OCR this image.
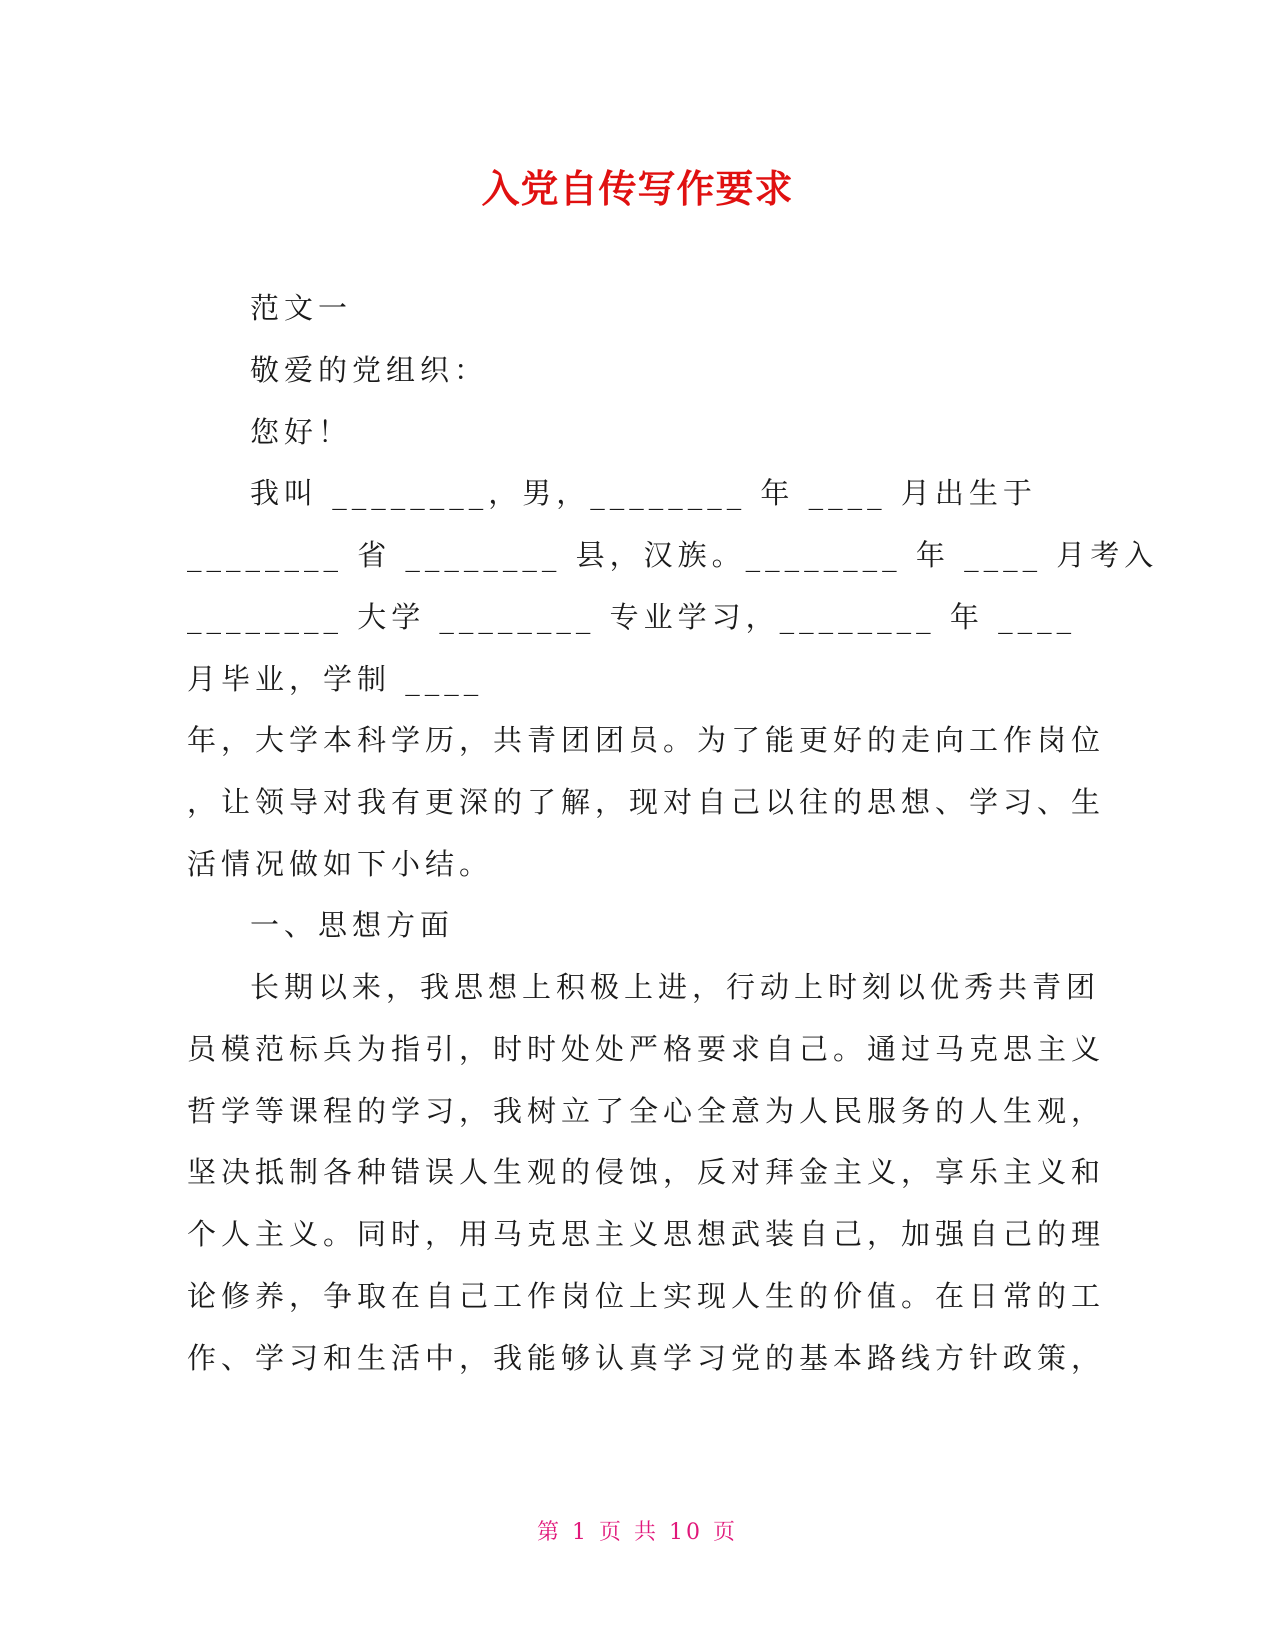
入党自传写作要求
范文一
敬爱的党组织：
您好！
我叫 ________，男，________ 年 ____ 月出生于
________ 省 ________ 县，汉族。________ 年 ____ 月考入
________ 大学 ________ 专业学习，________ 年 ____
月毕业，学制 ____
年，大学本科学历，共青团团员。为了能更好的走向工作岗位
，让领导对我有更深的了解，现对自己以往的思想、学习、生
活情况做如下小结。
一、思想方面
长期以来，我思想上积极上进，行动上时刻以优秀共青团
员模范标兵为指引，时时处处严格要求自己。通过马克思主义
哲学等课程的学习，我树立了全心全意为人民服务的人生观，
坚决抵制各种错误人生观的侵蚀，反对拜金主义，享乐主义和
个人主义。同时，用马克思主义思想武装自己，加强自己的理
论修养，争取在自己工作岗位上实现人生的价值。在日常的工
作、学习和生活中，我能够认真学习党的基本路线方针政策，
第 1 页 共 10 页
